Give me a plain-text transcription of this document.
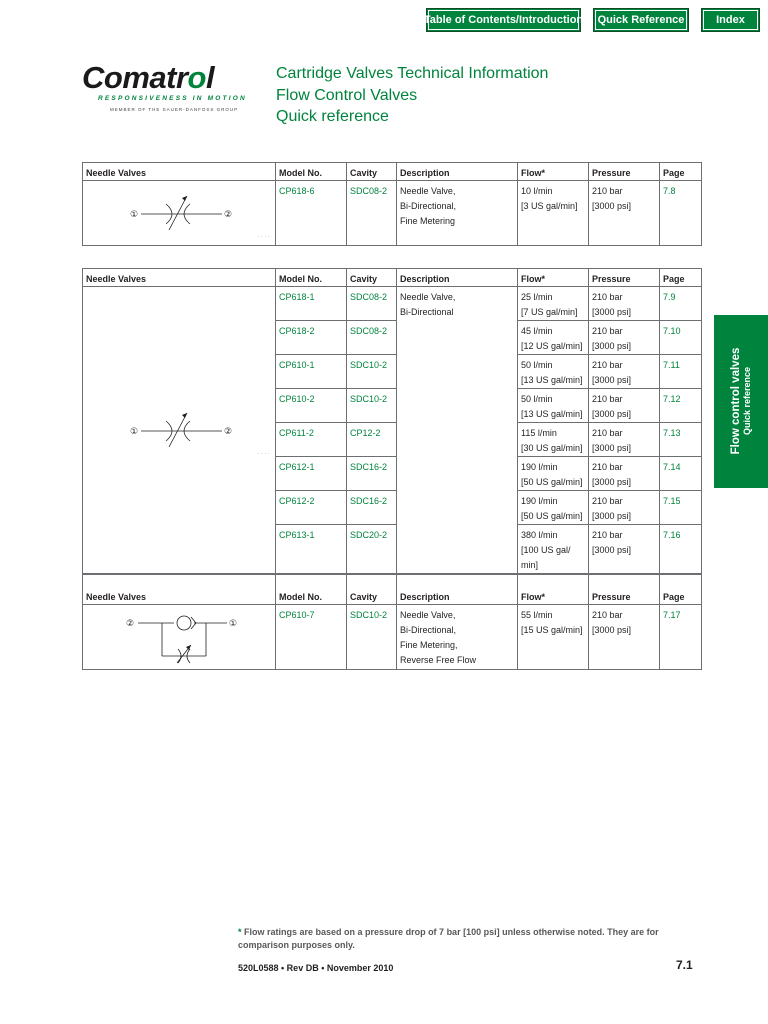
Table of Contents/Introduction	Quick Reference	Index
Comatrol
RESPONSIVENESS IN MOTION
MEMBER OF THE SAUER-DANFOSS GROUP
Cartridge Valves Technical Information
Flow Control Valves
Quick reference
Needle Valves	Model No.	Cavity	Description	Flow*	Pressure	Page

① ②
· · · ·	CP618-6	SDC08-2	Needle Valve,
Bi-Directional,
Fine Metering	10 l/min
[3 US gal/min]	210 bar
[3000 psi]	7.8
Needle Valves	Model No.	Cavity	Description	Flow*	Pressure	Page

① ②
· · · ·	CP618-1	SDC08-2	Needle Valve,
Bi-Directional	25 l/min
[7 US gal/min]	210 bar
[3000 psi]	7.9
	CP618-2	SDC08-2		45 l/min
[12 US gal/min]	210 bar
[3000 psi]	7.10
	CP610-1	SDC10-2		50 l/min
[13 US gal/min]	210 bar
[3000 psi]	7.11
	CP610-2	SDC10-2		50 l/min
[13 US gal/min]	210 bar
[3000 psi]	7.12
	CP611-2	CP12-2		115 l/min
[30 US gal/min]	210 bar
[3000 psi]	7.13
	CP612-1	SDC16-2		190 l/min
[50 US gal/min]	210 bar
[3000 psi]	7.14
	CP612-2	SDC16-2		190 l/min
[50 US gal/min]	210 bar
[3000 psi]	7.15
	CP613-1	SDC20-2		380 l/min
[100 US gal/
min]	210 bar
[3000 psi]	7.16
Needle Valves	Model No.	Cavity	Description	Flow*	Pressure	Page

② ①	CP610-7	SDC10-2	Needle Valve,
Bi-Directional,
Fine Metering,
Reverse Free Flow	55 l/min
[15 US gal/min]	210 bar
[3000 psi]	7.17
Flow control valves Quick reference
* Flow ratings are based on a pressure drop of 7 bar [100 psi] unless otherwise noted. They are for comparison purposes only.
520L0588 • Rev DB • November 2010	7.1
